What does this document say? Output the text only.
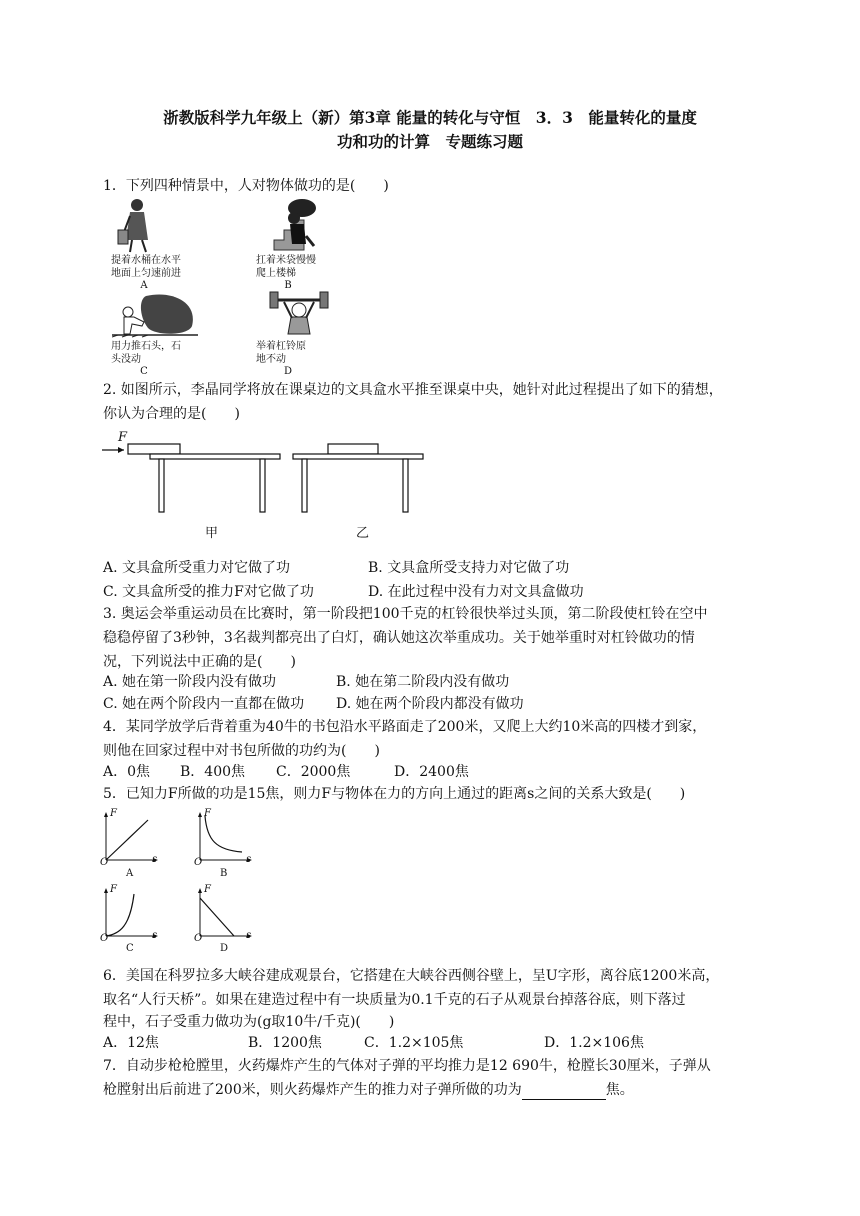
浙教版科学九年级上（新）第3章 能量的转化与守恒　3．3　能量转化的量度
功和功的计算　专题练习题
1．下列四种情景中，人对物体做功的是(　　)
提着水桶在水平
地面上匀速前进
A
扛着米袋慢慢
爬上楼梯
B
用力推石头，石
头没动
C
举着杠铃原
地不动
D
2. 如图所示，李晶同学将放在课桌边的文具盒水平推至课桌中央，她针对此过程提出了如下的猜想，
你认为合理的是(　　)
F
甲	乙
A. 文具盒所受重力对它做了功	B. 文具盒所受支持力对它做了功
C. 文具盒所受的推力F对它做了功	D. 在此过程中没有力对文具盒做功
3. 奥运会举重运动员在比赛时，第一阶段把100千克的杠铃很快举过头顶，第二阶段使杠铃在空中
稳稳停留了3秒钟，3名裁判都亮出了白灯，确认她这次举重成功。关于她举重时对杠铃做功的情
况，下列说法中正确的是(　　)
A. 她在第一阶段内没有做功	B. 她在第二阶段内没有做功
C. 她在两个阶段内一直都在做功 D. 她在两个阶段内都没有做功
4．某同学放学后背着重为40牛的书包沿水平路面走了200米，又爬上大约10米高的四楼才到家，
则他在回家过程中对书包所做的功约为(　　)
A．0焦 B．400焦 C．2000焦	D．2400焦
5．已知力F所做的功是15焦，则力F与物体在力的方向上通过的距离s之间的关系大致是(　　)
F
s
O
A
F
s
O
B
F
s
O
C
F
s
O
D
6．美国在科罗拉多大峡谷建成观景台，它搭建在大峡谷西侧谷壁上，呈U字形，离谷底1200米高，
取名“人行天桥”。如果在建造过程中有一块质量为0.1千克的石子从观景台掉落谷底，则下落过
程中，石子受重力做功为(g取10牛/千克)(　　)
A．12焦	B．1200焦	C．1.2×105焦	D．1.2×106焦
7．自动步枪枪膛里，火药爆炸产生的气体对子弹的平均推力是12 690牛，枪膛长30厘米，子弹从
枪膛射出后前进了200米，则火药爆炸产生的推力对子弹所做的功为	焦。
